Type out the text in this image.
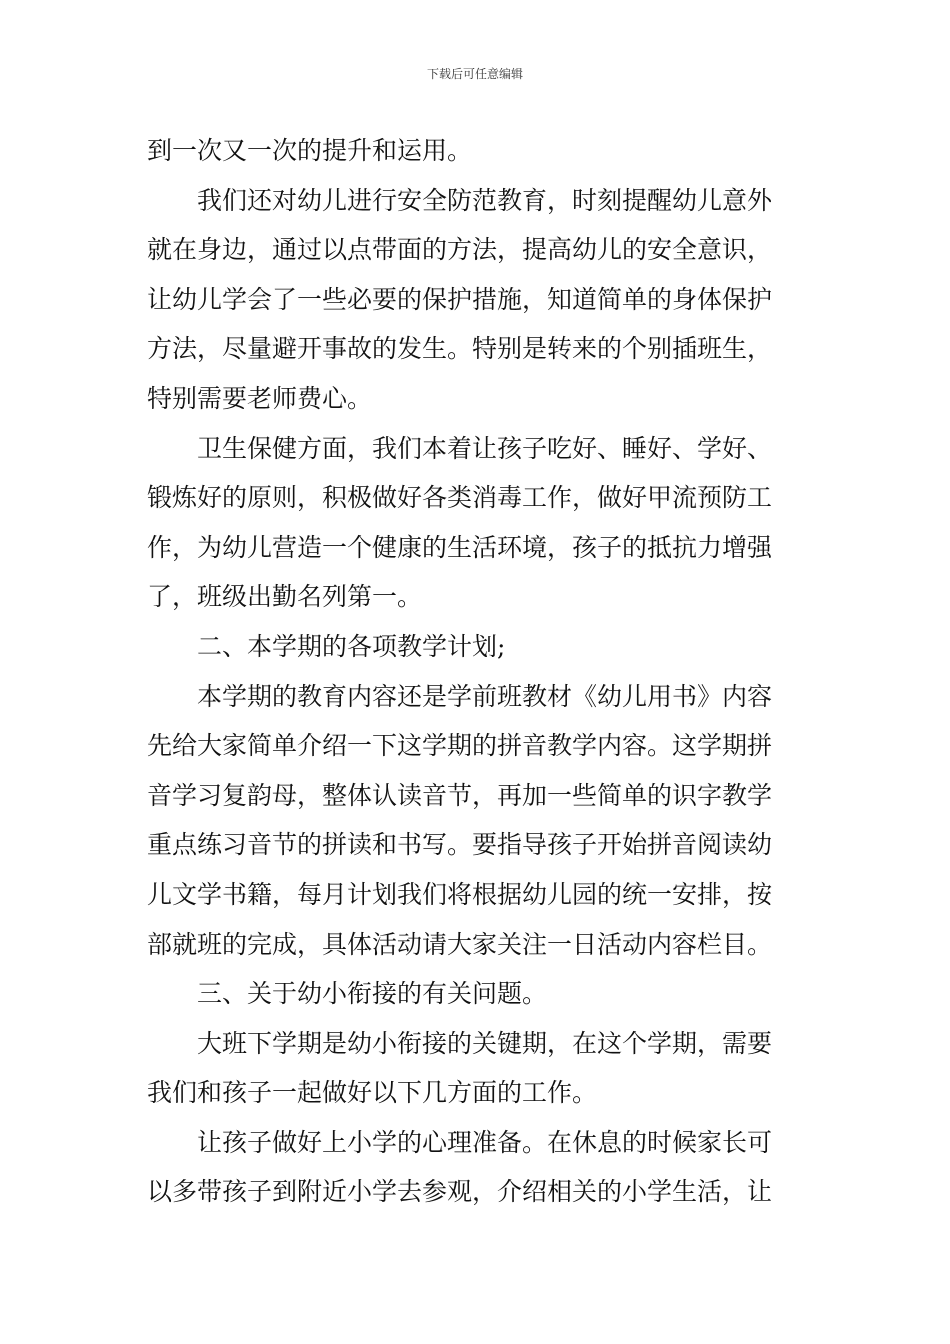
下载后可任意编辑
到一次又一次的提升和运用。
我们还对幼儿进行安全防范教育，时刻提醒幼儿意外
就在身边，通过以点带面的方法，提高幼儿的安全意识，
让幼儿学会了一些必要的保护措施，知道简单的身体保护
方法，尽量避开事故的发生。特别是转来的个别插班生，
特别需要老师费心。
卫生保健方面，我们本着让孩子吃好、睡好、学好、
锻炼好的原则，积极做好各类消毒工作，做好甲流预防工
作，为幼儿营造一个健康的生活环境，孩子的抵抗力增强
了，班级出勤名列第一。
二、本学期的各项教学计划;
本学期的教育内容还是学前班教材《幼儿用书》内容
先给大家简单介绍一下这学期的拼音教学内容。这学期拼
音学习复韵母，整体认读音节，再加一些简单的识字教学
重点练习音节的拼读和书写。要指导孩子开始拼音阅读幼
儿文学书籍，每月计划我们将根据幼儿园的统一安排，按
部就班的完成，具体活动请大家关注一日活动内容栏目。
三、关于幼小衔接的有关问题。
大班下学期是幼小衔接的关键期，在这个学期，需要
我们和孩子一起做好以下几方面的工作。
让孩子做好上小学的心理准备。在休息的时候家长可
以多带孩子到附近小学去参观，介绍相关的小学生活，让
